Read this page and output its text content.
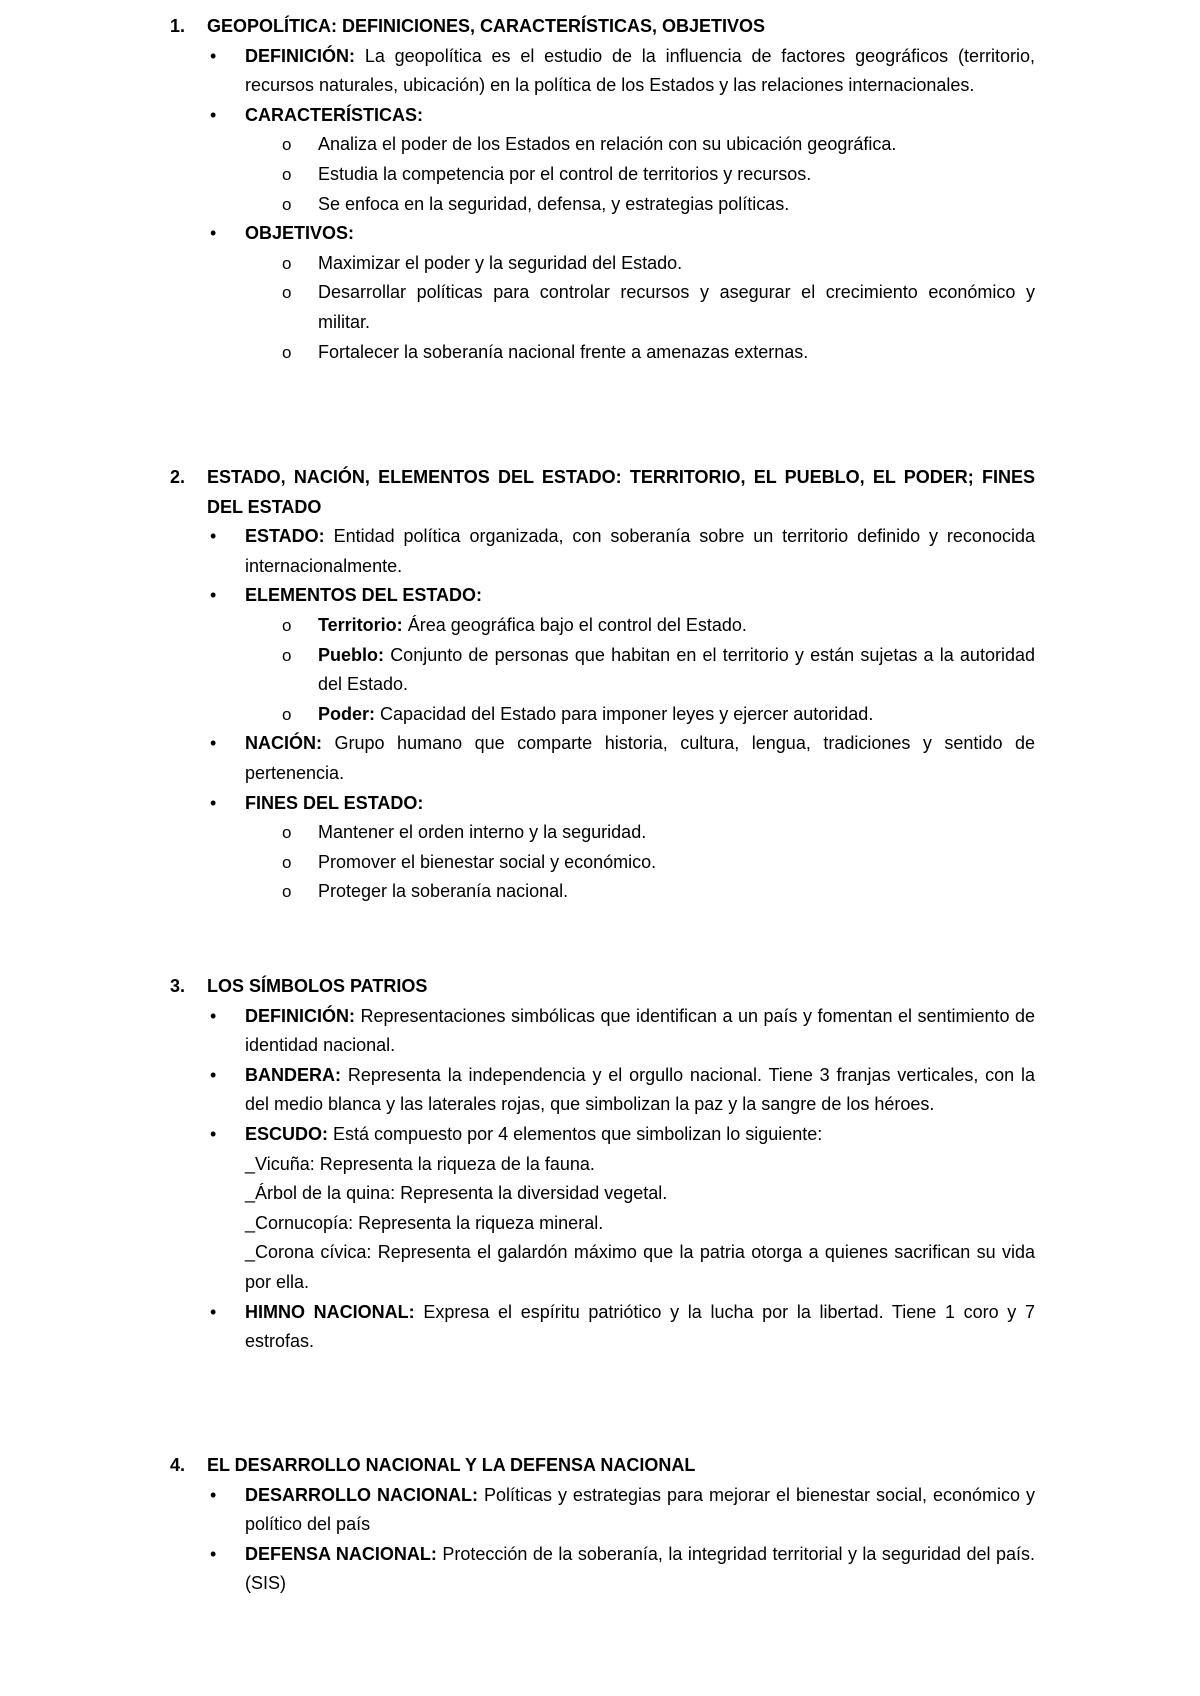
1. GEOPOLÍTICA: DEFINICIONES, CARACTERÍSTICAS, OBJETIVOS
• DEFINICIÓN: La geopolítica es el estudio de la influencia de factores geográficos (territorio, recursos naturales, ubicación) en la política de los Estados y las relaciones internacionales.
• CARACTERÍSTICAS:
o Analiza el poder de los Estados en relación con su ubicación geográfica.
o Estudia la competencia por el control de territorios y recursos.
o Se enfoca en la seguridad, defensa, y estrategias políticas.
• OBJETIVOS:
o Maximizar el poder y la seguridad del Estado.
o Desarrollar políticas para controlar recursos y asegurar el crecimiento económico y militar.
o Fortalecer la soberanía nacional frente a amenazas externas.
2. ESTADO, NACIÓN, ELEMENTOS DEL ESTADO: TERRITORIO, EL PUEBLO, EL PODER; FINES DEL ESTADO
• ESTADO: Entidad política organizada, con soberanía sobre un territorio definido y reconocida internacionalmente.
• ELEMENTOS DEL ESTADO:
o Territorio: Área geográfica bajo el control del Estado.
o Pueblo: Conjunto de personas que habitan en el territorio y están sujetas a la autoridad del Estado.
o Poder: Capacidad del Estado para imponer leyes y ejercer autoridad.
• NACIÓN: Grupo humano que comparte historia, cultura, lengua, tradiciones y sentido de pertenencia.
• FINES DEL ESTADO:
o Mantener el orden interno y la seguridad.
o Promover el bienestar social y económico.
o Proteger la soberanía nacional.
3. LOS SÍMBOLOS PATRIOS
• DEFINICIÓN: Representaciones simbólicas que identifican a un país y fomentan el sentimiento de identidad nacional.
• BANDERA: Representa la independencia y el orgullo nacional. Tiene 3 franjas verticales, con la del medio blanca y las laterales rojas, que simbolizan la paz y la sangre de los héroes.
• ESCUDO: Está compuesto por 4 elementos que simbolizan lo siguiente:
_Vicuña: Representa la riqueza de la fauna.
_Árbol de la quina: Representa la diversidad vegetal.
_Cornucopía: Representa la riqueza mineral.
_Corona cívica: Representa el galardón máximo que la patria otorga a quienes sacrifican su vida por ella.
• HIMNO NACIONAL: Expresa el espíritu patriótico y la lucha por la libertad. Tiene 1 coro y 7 estrofas.
4. EL DESARROLLO NACIONAL Y LA DEFENSA NACIONAL
• DESARROLLO NACIONAL: Políticas y estrategias para mejorar el bienestar social, económico y político del país
• DEFENSA NACIONAL: Protección de la soberanía, la integridad territorial y la seguridad del país. (SIS)
